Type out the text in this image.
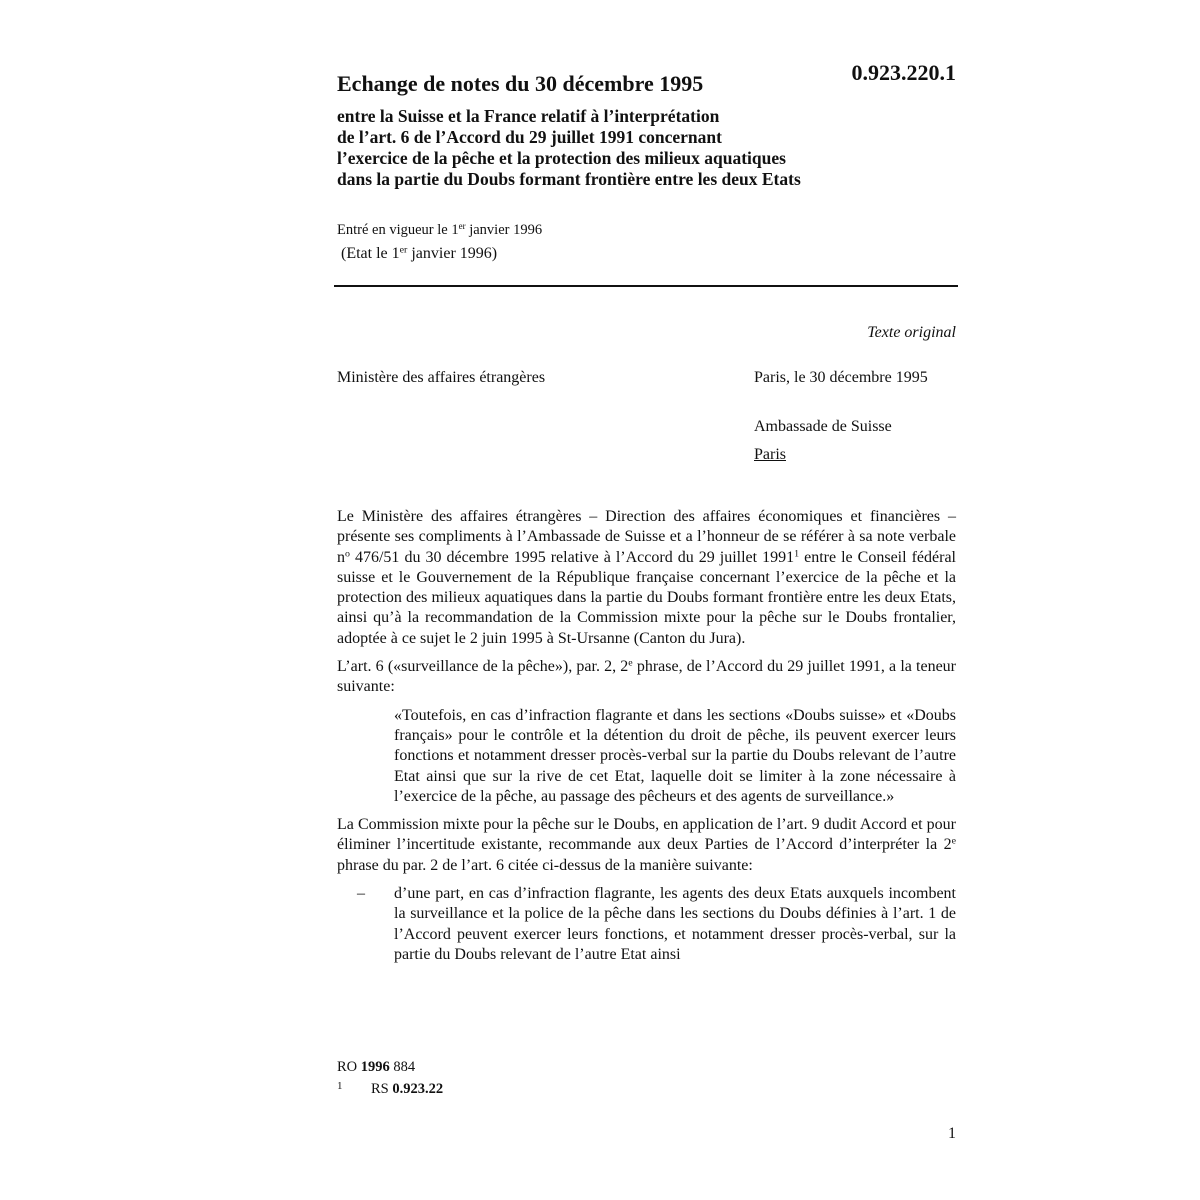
0.923.220.1
Echange de notes du 30 décembre 1995
entre la Suisse et la France relatif à l’interprétation
de l’art. 6 de l’Accord du 29 juillet 1991 concernant
l’exercice de la pêche et la protection des milieux aquatiques
dans la partie du Doubs formant frontière entre les deux Etats
Entré en vigueur le 1er janvier 1996
(Etat le 1er janvier 1996)
Texte original
Ministère des affaires étrangères	Paris, le 30 décembre 1995
Ambassade de Suisse
Paris

Le Ministère des affaires étrangères – Direction des affaires économiques et financières – présente ses compliments à l’Ambassade de Suisse et a l’honneur de se référer à sa note verbale $n^o$ 476/51 du 30 décembre 1995 relative à l’Accord du 29 juillet 1991$^1$ entre le Conseil fédéral suisse et le Gouvernement de la République française concernant l’exercice de la pêche et la protection des milieux aquatiques dans la partie du Doubs formant frontière entre les deux Etats, ainsi qu’à la recommandation de la Commission mixte pour la pêche sur le Doubs frontalier, adoptée à ce sujet le 2 juin 1995 à St-Ursanne (Canton du Jura).

L’art. 6 («surveillance de la pêche»), par. 2, 2e phrase, de l’Accord du 29 juillet 1991, a la teneur suivante:

«Toutefois, en cas d’infraction flagrante et dans les sections «Doubs suisse» et «Doubs français» pour le contrôle et la détention du droit de pêche, ils peuvent exercer leurs fonctions et notamment dresser procès-verbal sur la partie du Doubs relevant de l’autre Etat ainsi que sur la rive de cet Etat, laquelle doit se limiter à la zone nécessaire à l’exercice de la pêche, au passage des pêcheurs et des agents de surveillance.»

La Commission mixte pour la pêche sur le Doubs, en application de l’art. 9 dudit Accord et pour éliminer l’incertitude existante, recommande aux deux Parties de l’Accord d’interpréter la 2e phrase du par. 2 de l’art. 6 citée ci-dessus de la manière suivante:

– d’une part, en cas d’infraction flagrante, les agents des deux Etats auxquels incombent la surveillance et la police de la pêche dans les sections du Doubs définies à l’art. 1 de l’Accord peuvent exercer leurs fonctions, et notamment dresser procès-verbal, sur la partie du Doubs relevant de l’autre Etat ainsi

RO 1996 884
1 RS 0.923.22
1
